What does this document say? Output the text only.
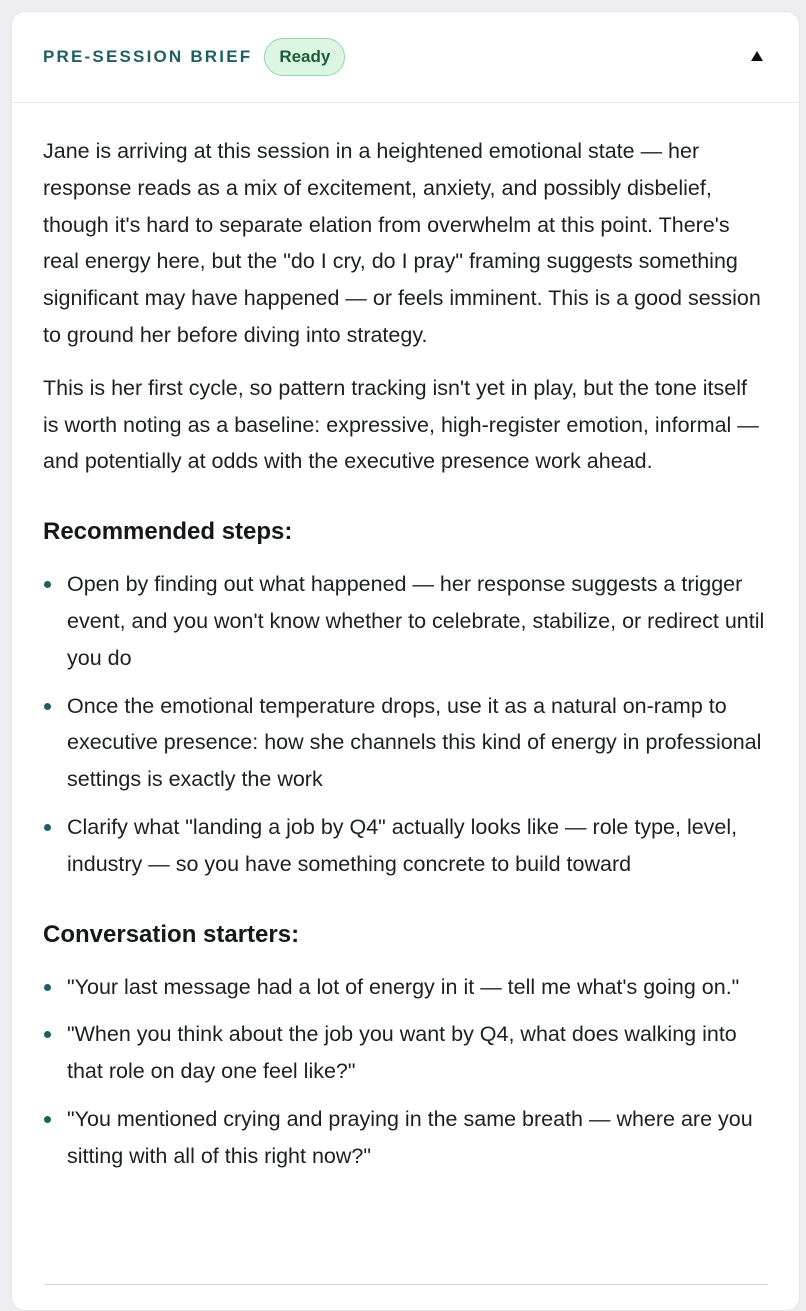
PRE-SESSION BRIEF	Ready

Jane is arriving at this session in a heightened emotional state — her response reads as a mix of excitement, anxiety, and possibly disbelief, though it's hard to separate elation from overwhelm at this point. There's real energy here, but the "do I cry, do I pray" framing suggests something significant may have happened — or feels imminent. This is a good session to ground her before diving into strategy.

This is her first cycle, so pattern tracking isn't yet in play, but the tone itself is worth noting as a baseline: expressive, high-register emotion, informal — and potentially at odds with the executive presence work ahead.

Recommended steps:
Open by finding out what happened — her response suggests a trigger event, and you won't know whether to celebrate, stabilize, or redirect until you do
Once the emotional temperature drops, use it as a natural on-ramp to executive presence: how she channels this kind of energy in professional settings is exactly the work
Clarify what "landing a job by Q4" actually looks like — role type, level, industry — so you have something concrete to build toward
Conversation starters:
"Your last message had a lot of energy in it — tell me what's going on."
"When you think about the job you want by Q4, what does walking into that role on day one feel like?"
"You mentioned crying and praying in the same breath — where are you sitting with all of this right now?"
